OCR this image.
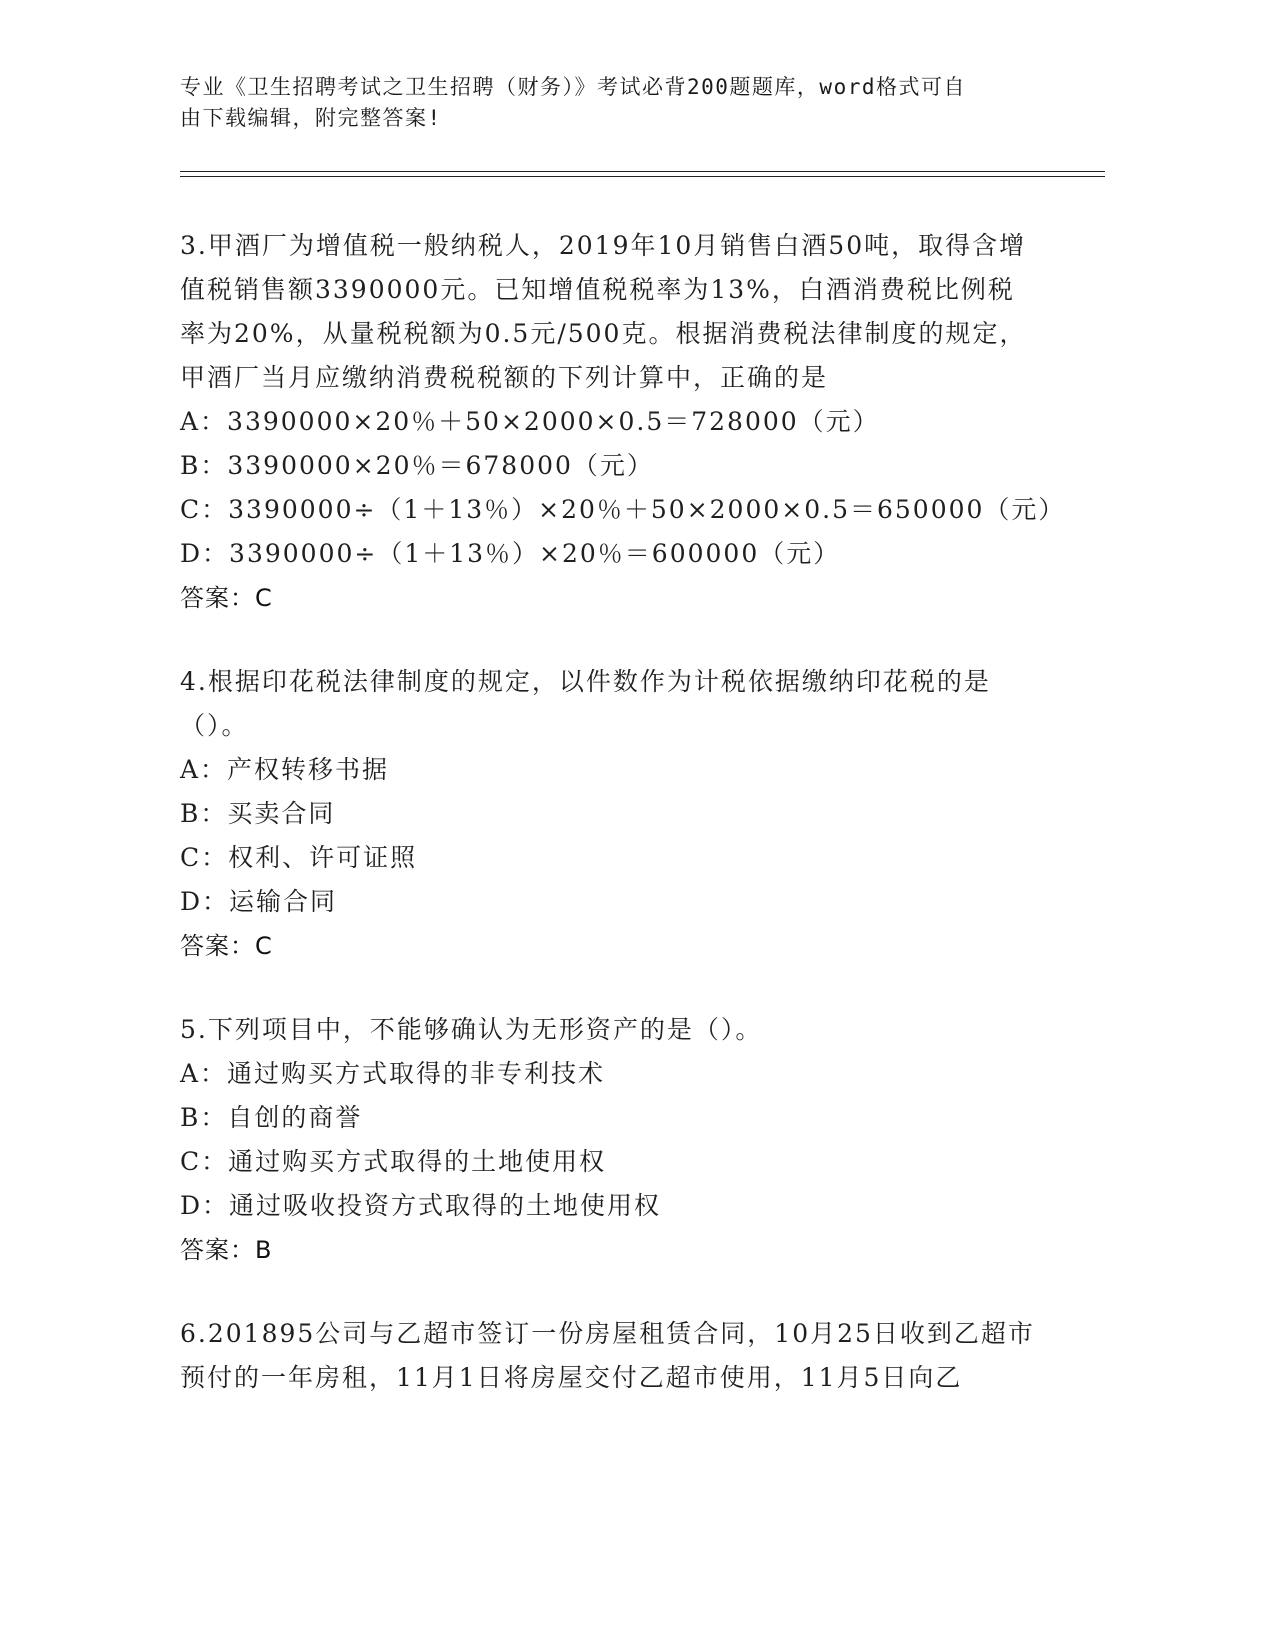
专业《卫生招聘考试之卫生招聘（财务）》考试必背200题题库，word格式可自
由下载编辑，附完整答案!

3.甲酒厂为增值税一般纳税人，2019年10月销售白酒50吨，取得含增值税销售额3390000元。已知增值税税率为13%，白酒消费税比例税率为20%，从量税税额为0.5元/500克。根据消费税法律制度的规定，甲酒厂当月应缴纳消费税税额的下列计算中，正确的是

A：3390000×20％＋50×2000×0.5＝728000（元）

B：3390000×20％＝678000（元）

C：3390000÷（1＋13％）×20％＋50×2000×0.5＝650000（元）

D：3390000÷（1＋13％）×20％＝600000（元）

答案：C

4.根据印花税法律制度的规定，以件数作为计税依据缴纳印花税的是（）。

A：产权转移书据

B：买卖合同

C：权利、许可证照

D：运输合同

答案：C

5.下列项目中，不能够确认为无形资产的是（）。

A：通过购买方式取得的非专利技术

B：自创的商誉

C：通过购买方式取得的土地使用权

D：通过吸收投资方式取得的土地使用权

答案：B

6.201895公司与乙超市签订一份房屋租赁合同，10月25日收到乙超市预付的一年房租，11月1日将房屋交付乙超市使用，11月5日向乙
